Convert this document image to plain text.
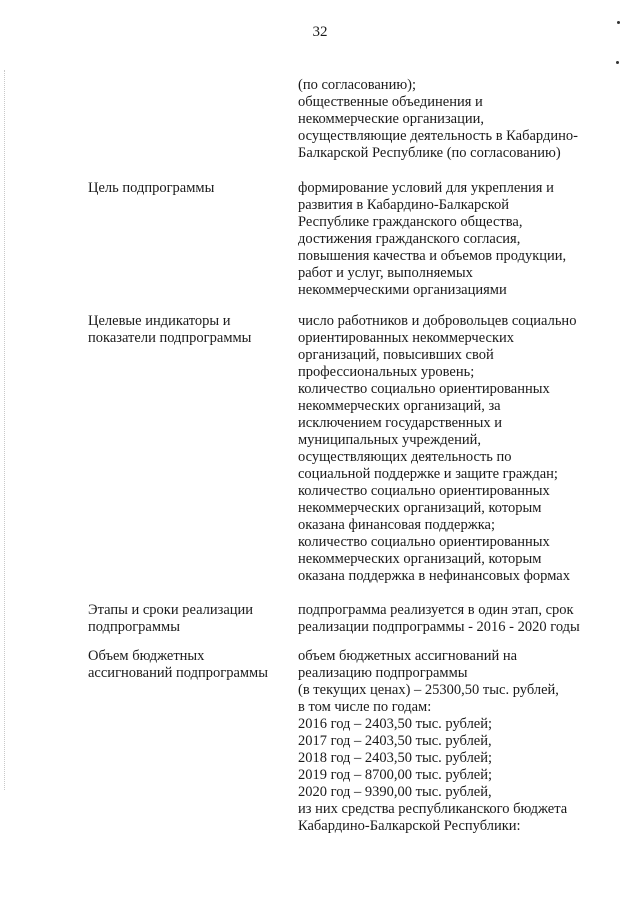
32
(по согласованию);
общественные объединения и
некоммерческие организации,
осуществляющие деятельность в Кабардино-
Балкарской Республике (по согласованию)
Цель подпрограммы	формирование условий для укрепления и
развития в Кабардино-Балкарской
Республике гражданского общества,
достижения гражданского согласия,
повышения качества и объемов продукции,
работ и услуг, выполняемых
некоммерческими организациями
Целевые индикаторы и
показатели подпрограммы
число работников и добровольцев социально
ориентированных некоммерческих
организаций, повысивших свой
профессиональных уровень;
количество социально ориентированных
некоммерческих организаций, за
исключением государственных и
муниципальных учреждений,
осуществляющих деятельность по
социальной поддержке и защите граждан;
количество социально ориентированных
некоммерческих организаций, которым
оказана финансовая поддержка;
количество социально ориентированных
некоммерческих организаций, которым
оказана поддержка в нефинансовых формах
Этапы и сроки реализации
подпрограммы
подпрограмма реализуется в один этап, срок
реализации подпрограммы - 2016 - 2020 годы
Объем бюджетных
ассигнований подпрограммы
объем бюджетных ассигнований на
реализацию подпрограммы
(в текущих ценах) – 25300,50 тыс. рублей,
в том числе по годам:
2016 год – 2403,50 тыс. рублей;
2017 год – 2403,50 тыс. рублей,
2018 год – 2403,50 тыс. рублей;
2019 год – 8700,00 тыс. рублей;
2020 год – 9390,00 тыс. рублей,
из них средства республиканского бюджета
Кабардино-Балкарской Республики:
